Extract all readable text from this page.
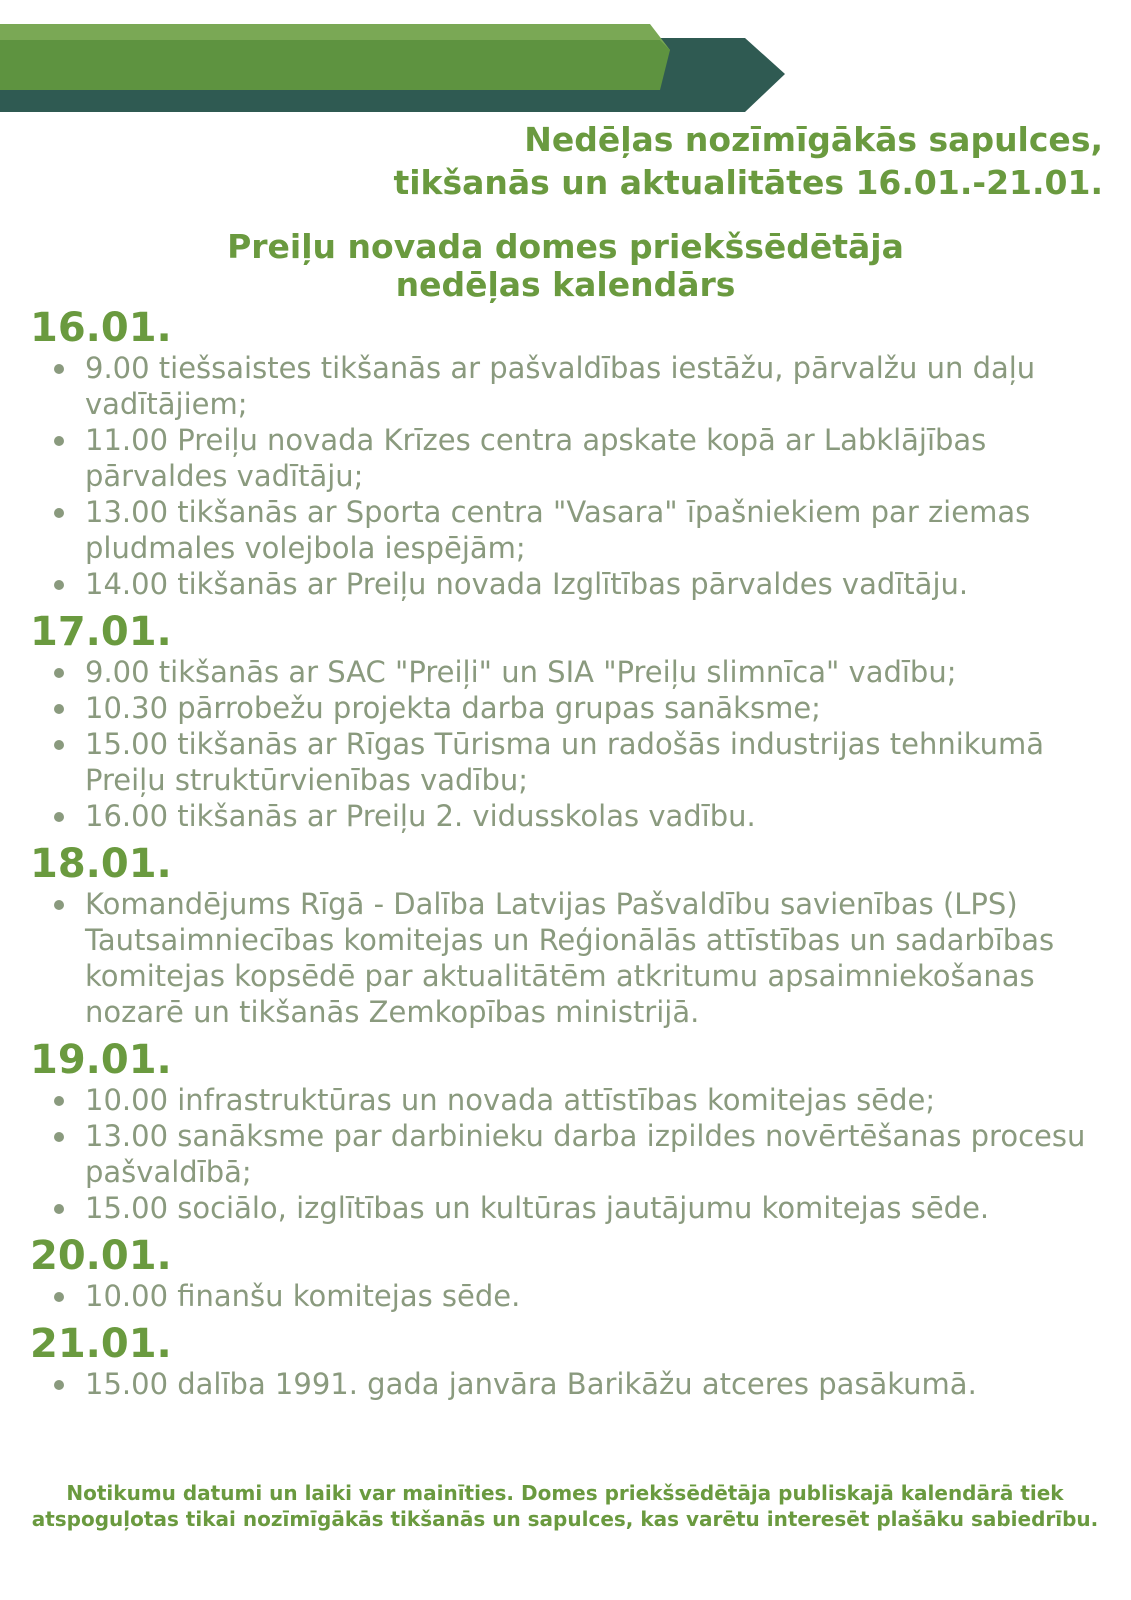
Nedēļas nozīmīgākās sapulces,
tikšanās un aktualitātes 16.01.-21.01.
Preiļu novada domes priekšsēdētāja
nedēļas kalendārs
16.01.
9.00 tiešsaistes tikšanās ar pašvaldības iestāžu, pārvalžu un daļu vadītājiem;
11.00 Preiļu novada Krīzes centra apskate kopā ar Labklājības pārvaldes vadītāju;
13.00 tikšanās ar Sporta centra "Vasara" īpašniekiem par ziemas pludmales volejbola iespējām;
14.00 tikšanās ar Preiļu novada Izglītības pārvaldes vadītāju.
17.01.
9.00 tikšanās ar SAC "Preiļi" un SIA "Preiļu slimnīca" vadību;
10.30 pārrobežu projekta darba grupas sanāksme;
15.00 tikšanās ar Rīgas Tūrisma un radošās industrijas tehnikumā Preiļu struktūrvienības vadību;
16.00 tikšanās ar Preiļu 2. vidusskolas vadību.
18.01.
Komandējums Rīgā - Dalība Latvijas Pašvaldību savienības (LPS) Tautsaimniecības komitejas un Reģionālās attīstības un sadarbības komitejas kopsēdē par aktualitātēm atkritumu apsaimniekošanas nozarē un tikšanās Zemkopības ministrijā.
19.01.
10.00 infrastruktūras un novada attīstības komitejas sēde;
13.00 sanāksme par darbinieku darba izpildes novērtēšanas procesu pašvaldībā;
15.00 sociālo, izglītības un kultūras jautājumu komitejas sēde.
20.01.
10.00 finanšu komitejas sēde.
21.01.
15.00 dalība 1991. gada janvāra Barikāžu atceres pasākumā.
Notikumu datumi un laiki var mainīties. Domes priekšsēdētāja publiskajā kalendārā tiek atspoguļotas tikai nozīmīgākās tikšanās un sapulces, kas varētu interesēt plašāku sabiedrību.
